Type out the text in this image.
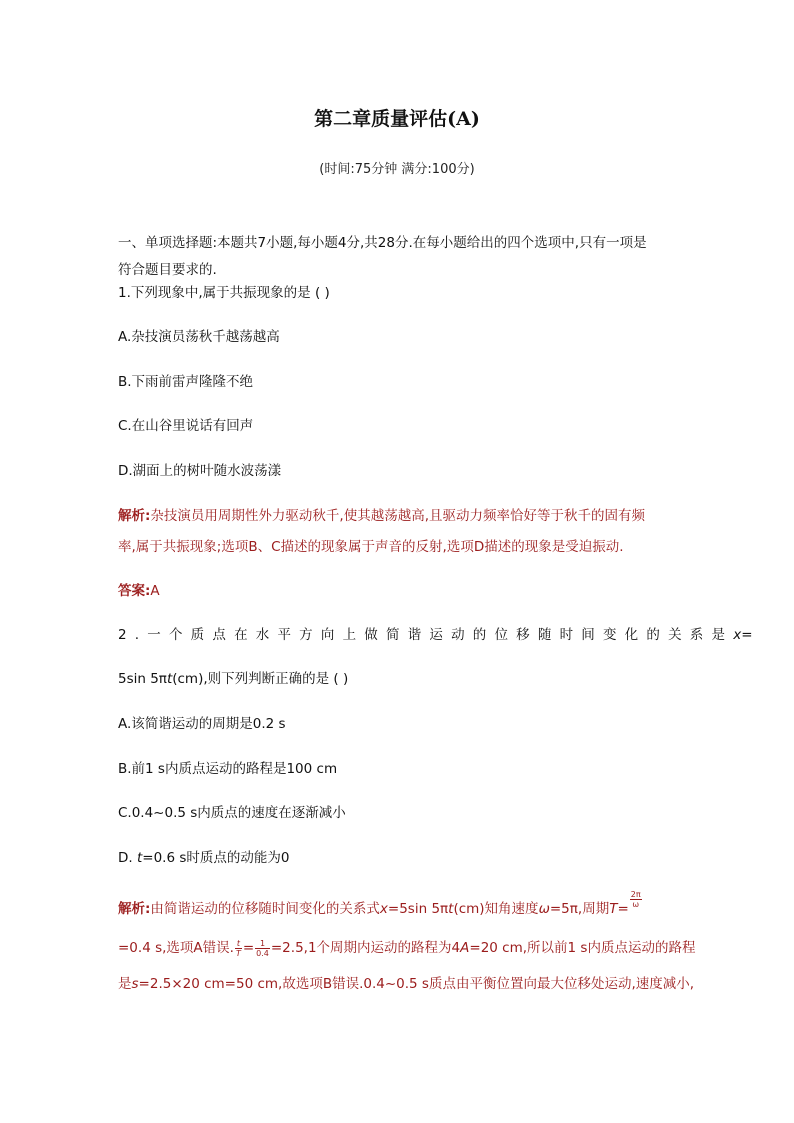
第二章质量评估(A)
(时间:75分钟 满分:100分)
一、单项选择题:本题共7小题,每小题4分,共28分.在每小题给出的四个选项中,只有一项是
符合题目要求的.
1.下列现象中,属于共振现象的是 ( )
A.杂技演员荡秋千越荡越高
B.下雨前雷声隆隆不绝
C.在山谷里说话有回声
D.湖面上的树叶随水波荡漾
解析:杂技演员用周期性外力驱动秋千,使其越荡越高,且驱动力频率恰好等于秋千的固有频
率,属于共振现象;选项B、C描述的现象属于声音的反射,选项D描述的现象是受迫振动.
答案:A
2.一个质点在水平方向上做简谐运动的位移随时间变化的关系是x=
5sin 5πt(cm),则下列判断正确的是 ( )
A.该简谐运动的周期是0.2 s
B.前1 s内质点运动的路程是100 cm
C.0.4~0.5 s内质点的速度在逐渐减小
D. t=0.6 s时质点的动能为0
解析:由简谐运动的位移随时间变化的关系式x=5sin 5πt(cm)知角速度ω=5π,周期$T= \frac{2\pi}{\omega}$
=0.4 s,选项A错误. $\frac{t}{T} = \frac{1}{0.4} =2.5,1$个周期内运动的路程为4A=20 cm,所以前1 s内质点运动的路程
是s=2.5×20 cm=50 cm,故选项B错误.0.4~0.5 s质点由平衡位置向最大位移处运动,速度减小,
